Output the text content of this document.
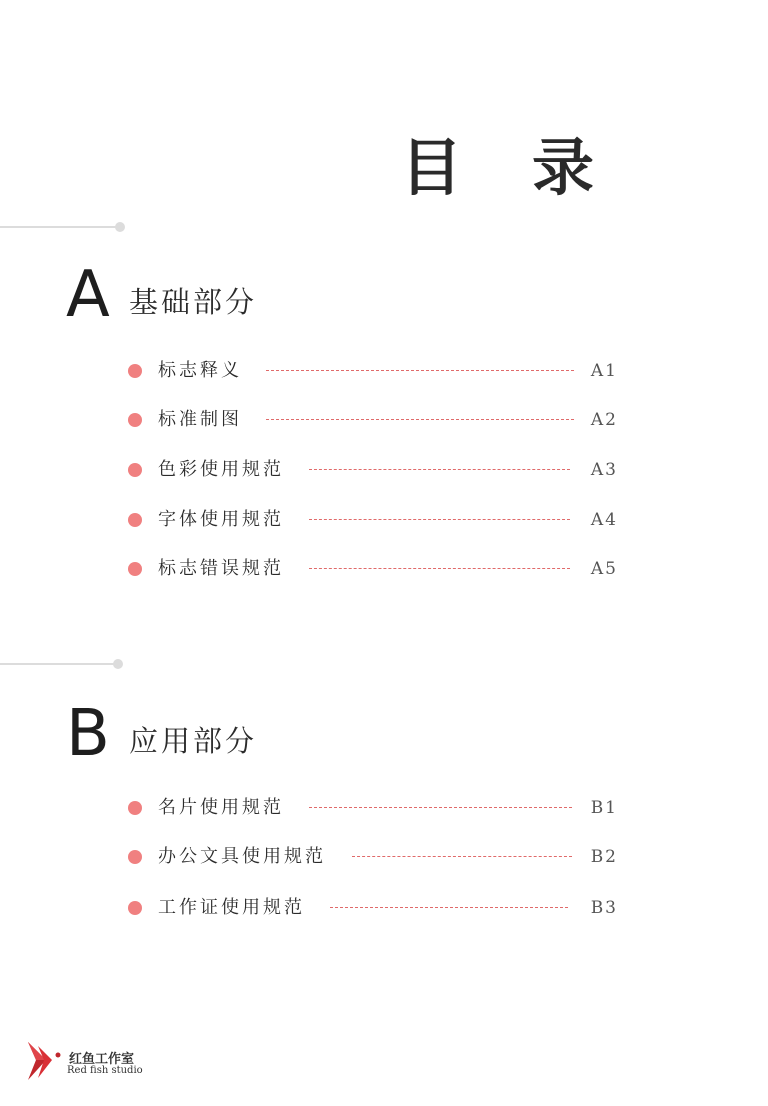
目 录
A 基础部分
标志释义	A1
标准制图	A2
色彩使用规范	A3
字体使用规范	A4
标志错误规范	A5
B 应用部分
名片使用规范	B1
办公文具使用规范	B2
工作证使用规范	B3
红鱼工作室
Red fish studio
